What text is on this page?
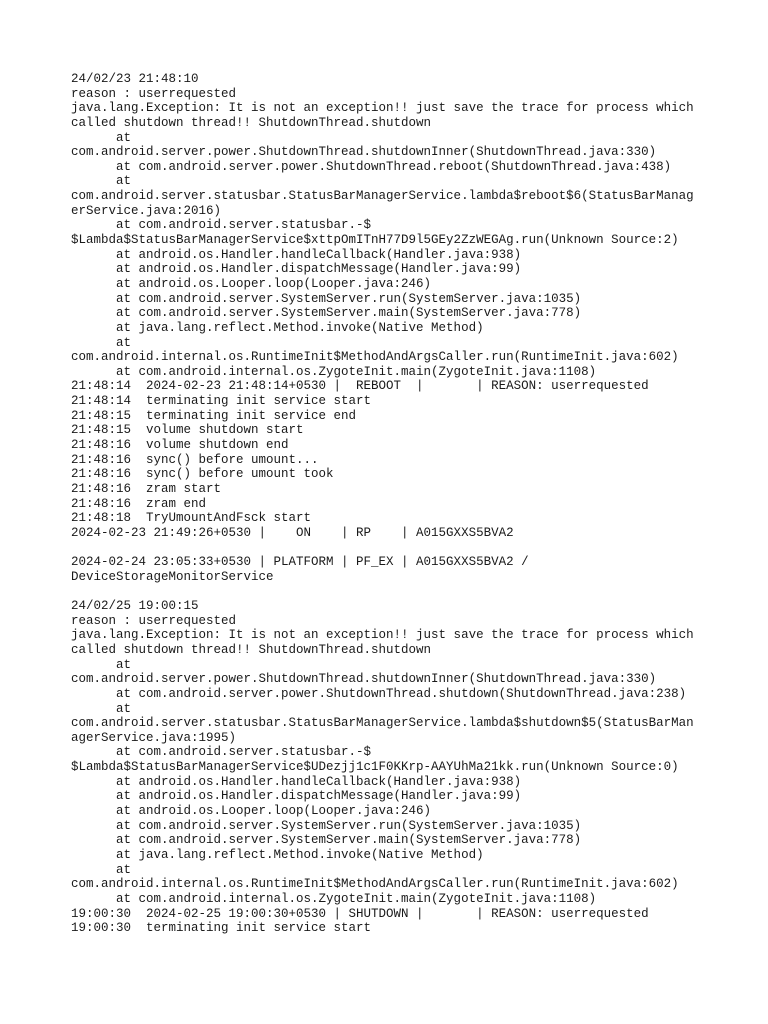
24/02/23 21:48:10
reason : userrequested
java.lang.Exception: It is not an exception!! just save the trace for process which
called shutdown thread!! ShutdownThread.shutdown
at
com.android.server.power.ShutdownThread.shutdownInner(ShutdownThread.java:330)
at com.android.server.power.ShutdownThread.reboot(ShutdownThread.java:438)
at
com.android.server.statusbar.StatusBarManagerService.lambda$reboot$6(StatusBarManag
erService.java:2016)
at com.android.server.statusbar.-$
$Lambda$StatusBarManagerService$xttpOmITnH77D9l5GEy2ZzWEGAg.run(Unknown Source:2)
at android.os.Handler.handleCallback(Handler.java:938)
at android.os.Handler.dispatchMessage(Handler.java:99)
at android.os.Looper.loop(Looper.java:246)
at com.android.server.SystemServer.run(SystemServer.java:1035)
at com.android.server.SystemServer.main(SystemServer.java:778)
at java.lang.reflect.Method.invoke(Native Method)
at
com.android.internal.os.RuntimeInit$MethodAndArgsCaller.run(RuntimeInit.java:602)
at com.android.internal.os.ZygoteInit.main(ZygoteInit.java:1108)
21:48:14  2024-02-23 21:48:14+0530 |  REBOOT  |       | REASON: userrequested
21:48:14  terminating init service start
21:48:15  terminating init service end
21:48:15  volume shutdown start
21:48:16  volume shutdown end
21:48:16  sync() before umount...
21:48:16  sync() before umount took
21:48:16  zram start
21:48:16  zram end
21:48:18  TryUmountAndFsck start
2024-02-23 21:49:26+0530 |    ON    | RP    | A015GXXS5BVA2
2024-02-24 23:05:33+0530 | PLATFORM | PF_EX | A015GXXS5BVA2 /
DeviceStorageMonitorService
24/02/25 19:00:15
reason : userrequested
java.lang.Exception: It is not an exception!! just save the trace for process which
called shutdown thread!! ShutdownThread.shutdown
at
com.android.server.power.ShutdownThread.shutdownInner(ShutdownThread.java:330)
at com.android.server.power.ShutdownThread.shutdown(ShutdownThread.java:238)
at
com.android.server.statusbar.StatusBarManagerService.lambda$shutdown$5(StatusBarMan
agerService.java:1995)
at com.android.server.statusbar.-$
$Lambda$StatusBarManagerService$UDezjj1c1F0KKrp-AAYUhMa21kk.run(Unknown Source:0)
at android.os.Handler.handleCallback(Handler.java:938)
at android.os.Handler.dispatchMessage(Handler.java:99)
at android.os.Looper.loop(Looper.java:246)
at com.android.server.SystemServer.run(SystemServer.java:1035)
at com.android.server.SystemServer.main(SystemServer.java:778)
at java.lang.reflect.Method.invoke(Native Method)
at
com.android.internal.os.RuntimeInit$MethodAndArgsCaller.run(RuntimeInit.java:602)
at com.android.internal.os.ZygoteInit.main(ZygoteInit.java:1108)
19:00:30  2024-02-25 19:00:30+0530 | SHUTDOWN |       | REASON: userrequested
19:00:30  terminating init service start
